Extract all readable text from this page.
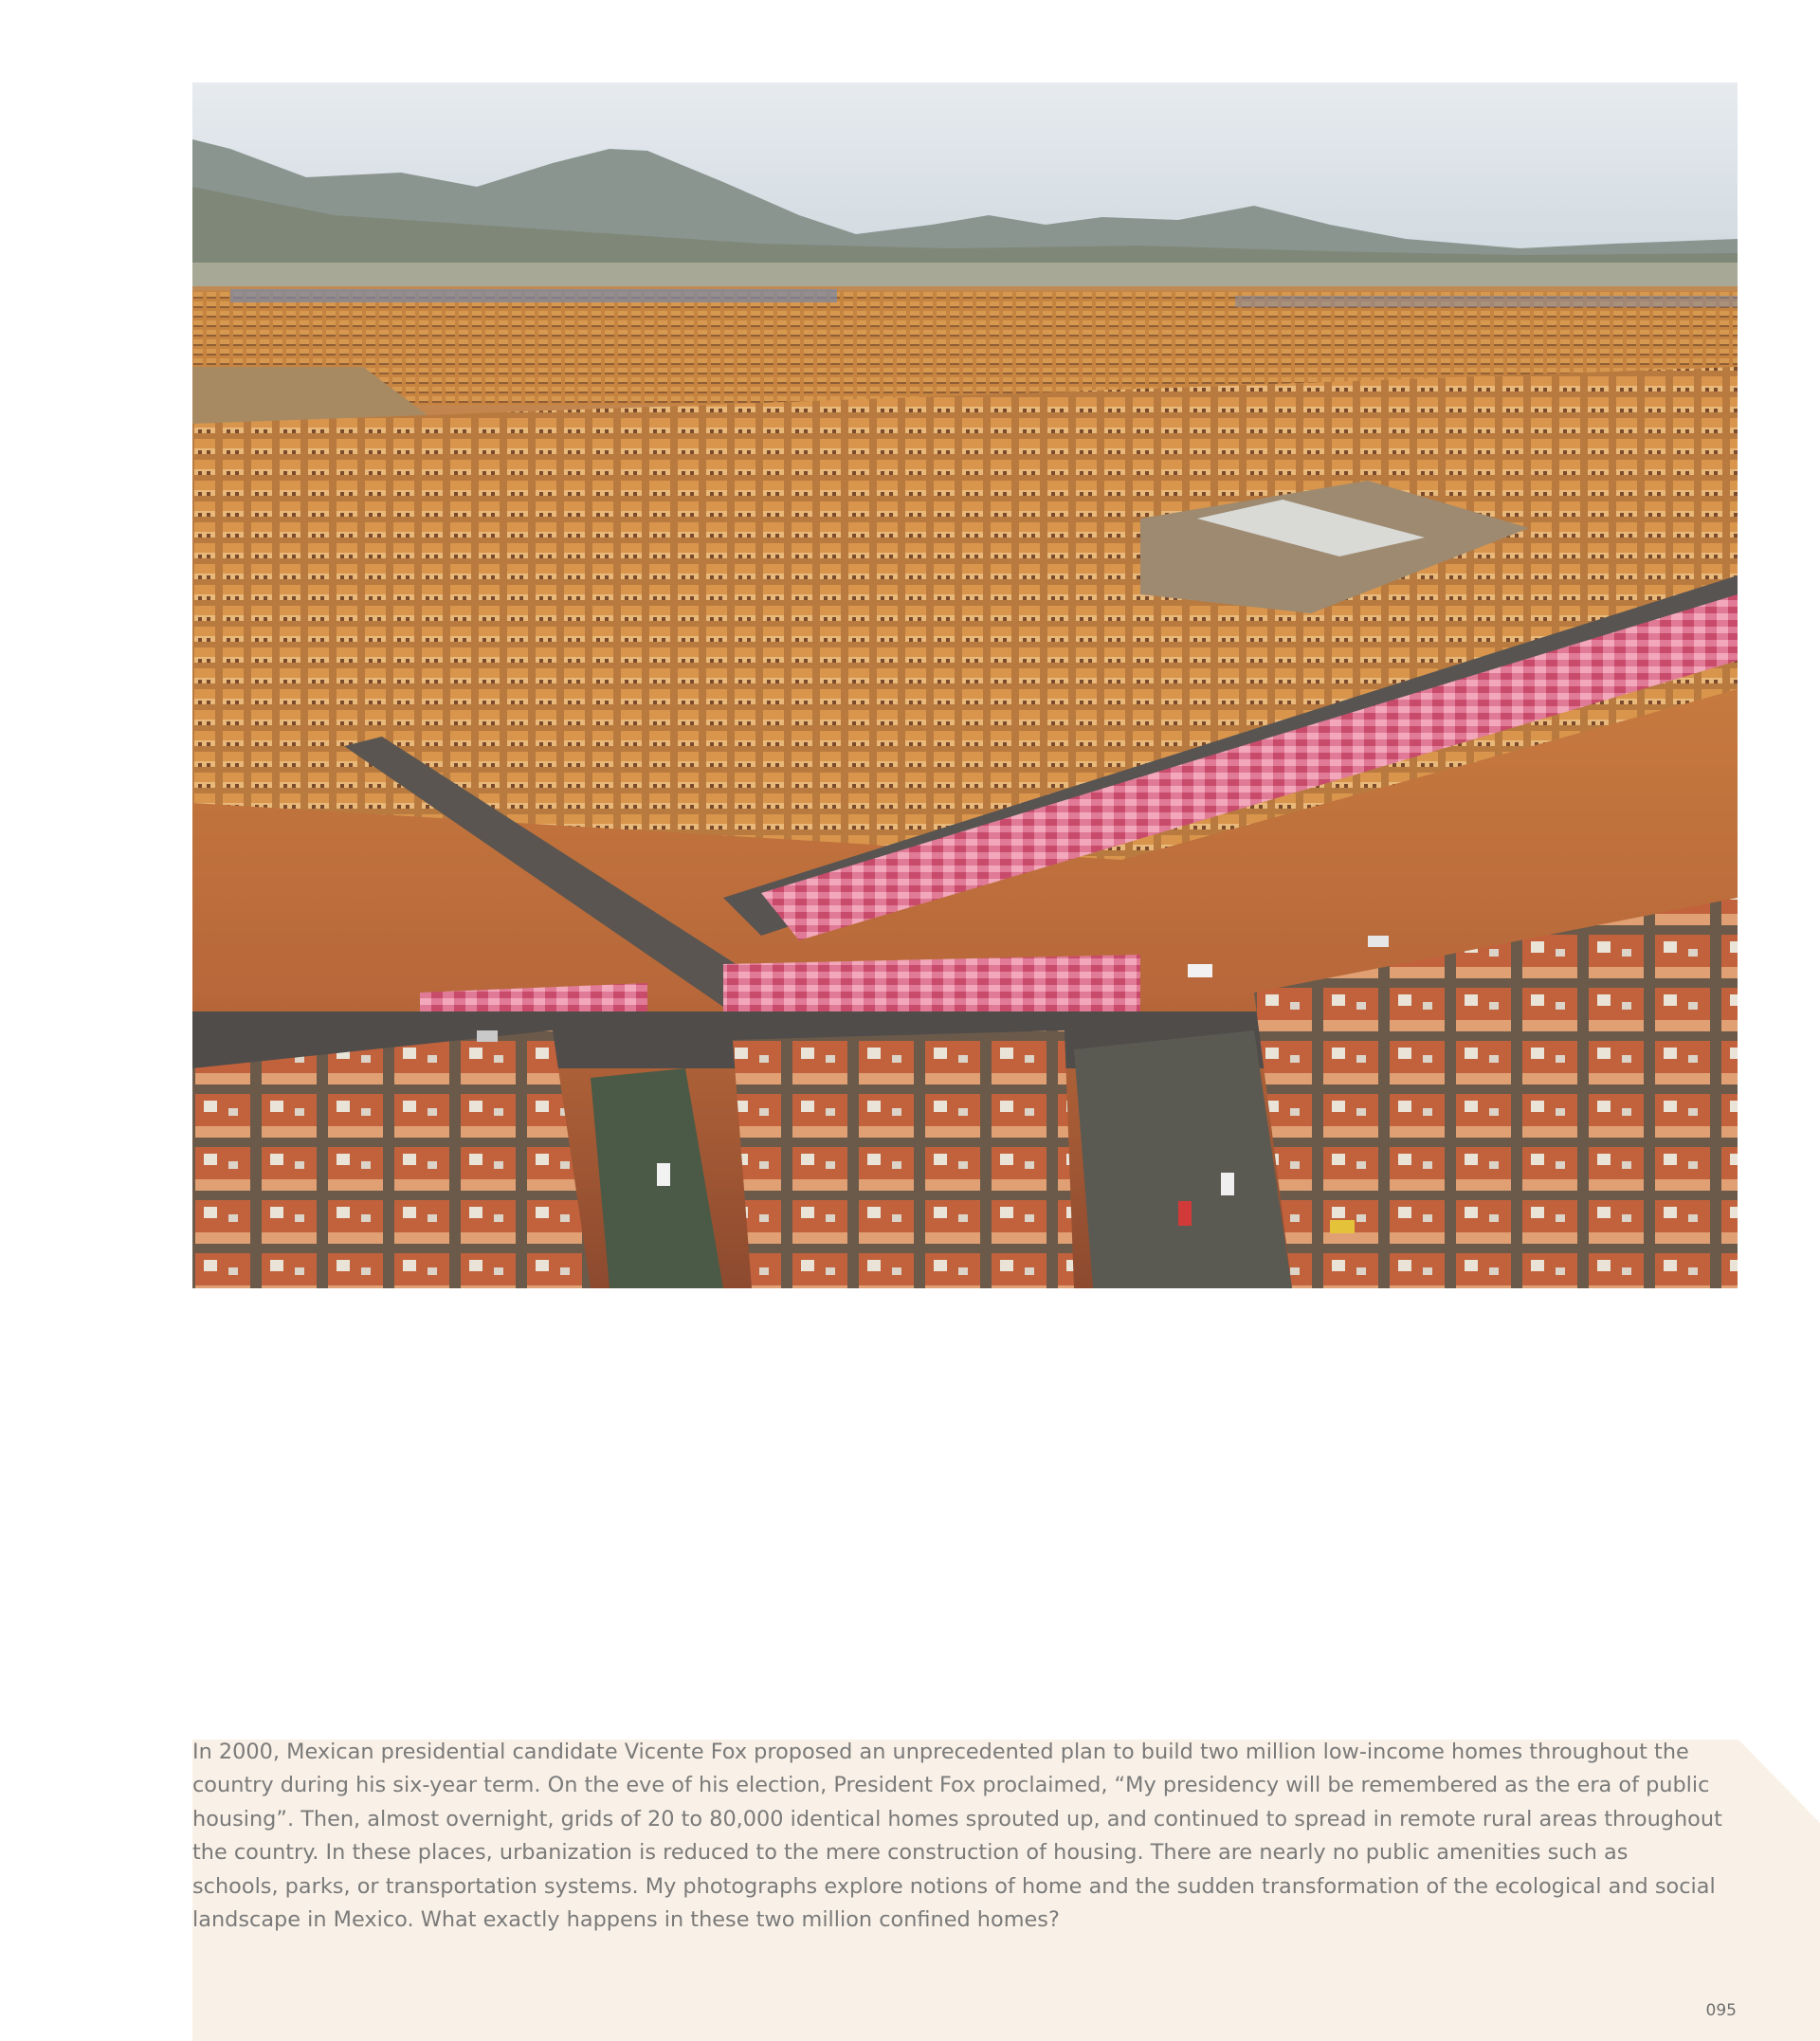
In 2000, Mexican presidential candidate Vicente Fox proposed an unprecedented plan to build two million low-income homes throughout the
country during his six-year term. On the eve of his election, President Fox proclaimed, “My presidency will be remembered as the era of public
housing”. Then, almost overnight, grids of 20 to 80,000 identical homes sprouted up, and continued to spread in remote rural areas throughout
the country. In these places, urbanization is reduced to the mere construction of housing. There are nearly no public amenities such as
schools, parks, or transportation systems. My photographs explore notions of home and the sudden transformation of the ecological and social
landscape in Mexico. What exactly happens in these two million confined homes?

095
